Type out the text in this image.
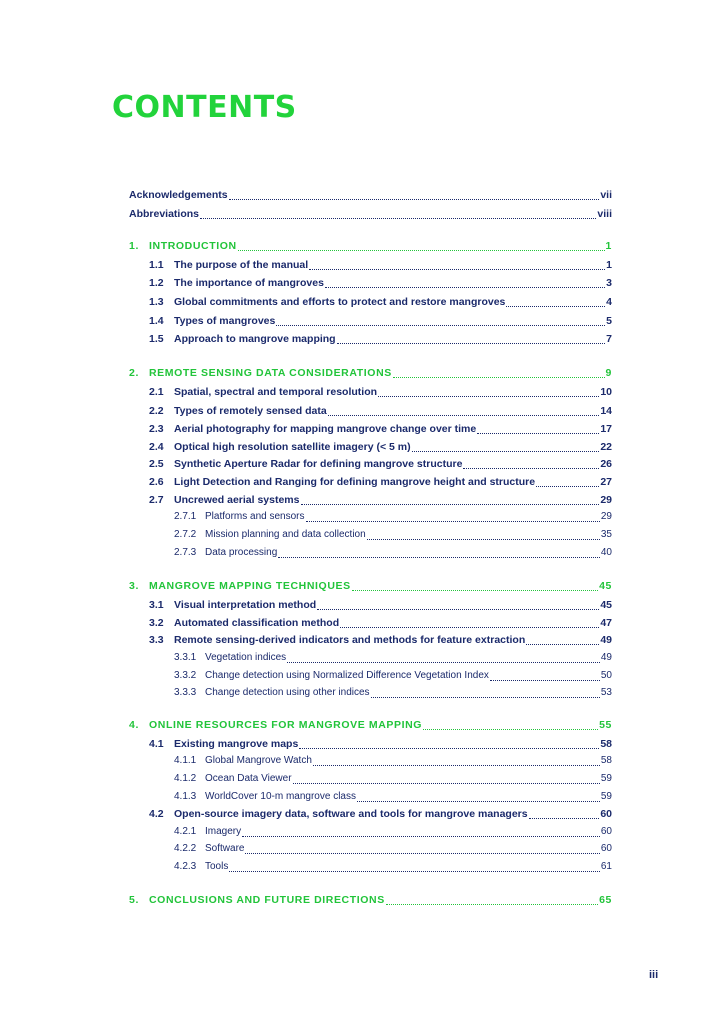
CONTENTS
Acknowledgements	vii
Abbreviations	viii
1. INTRODUCTION	1
1.1 The purpose of the manual	1
1.2 The importance of mangroves	3
1.3 Global commitments and efforts to protect and restore mangroves	4
1.4 Types of mangroves	5
1.5 Approach to mangrove mapping	7
2. REMOTE SENSING DATA CONSIDERATIONS	9
2.1 Spatial, spectral and temporal resolution	10
2.2 Types of remotely sensed data	14
2.3 Aerial photography for mapping mangrove change over time	17
2.4 Optical high resolution satellite imagery (< 5 m)	22
2.5 Synthetic Aperture Radar for defining mangrove structure	26
2.6 Light Detection and Ranging for defining mangrove height and structure	27
2.7 Uncrewed aerial systems	29
2.7.1 Platforms and sensors	29
2.7.2 Mission planning and data collection	35
2.7.3 Data processing	40
3. MANGROVE MAPPING TECHNIQUES	45
3.1 Visual interpretation method	45
3.2 Automated classification method	47
3.3 Remote sensing-derived indicators and methods for feature extraction	49
3.3.1 Vegetation indices	49
3.3.2 Change detection using Normalized Difference Vegetation Index	50
3.3.3 Change detection using other indices	53
4. ONLINE RESOURCES FOR MANGROVE MAPPING	55
4.1 Existing mangrove maps	58
4.1.1 Global Mangrove Watch	58
4.1.2 Ocean Data Viewer	59
4.1.3 WorldCover 10-m mangrove class	59
4.2 Open-source imagery data, software and tools for mangrove managers	60
4.2.1 Imagery	60
4.2.2 Software	60
4.2.3 Tools	61
5. CONCLUSIONS AND FUTURE DIRECTIONS	65
iii
